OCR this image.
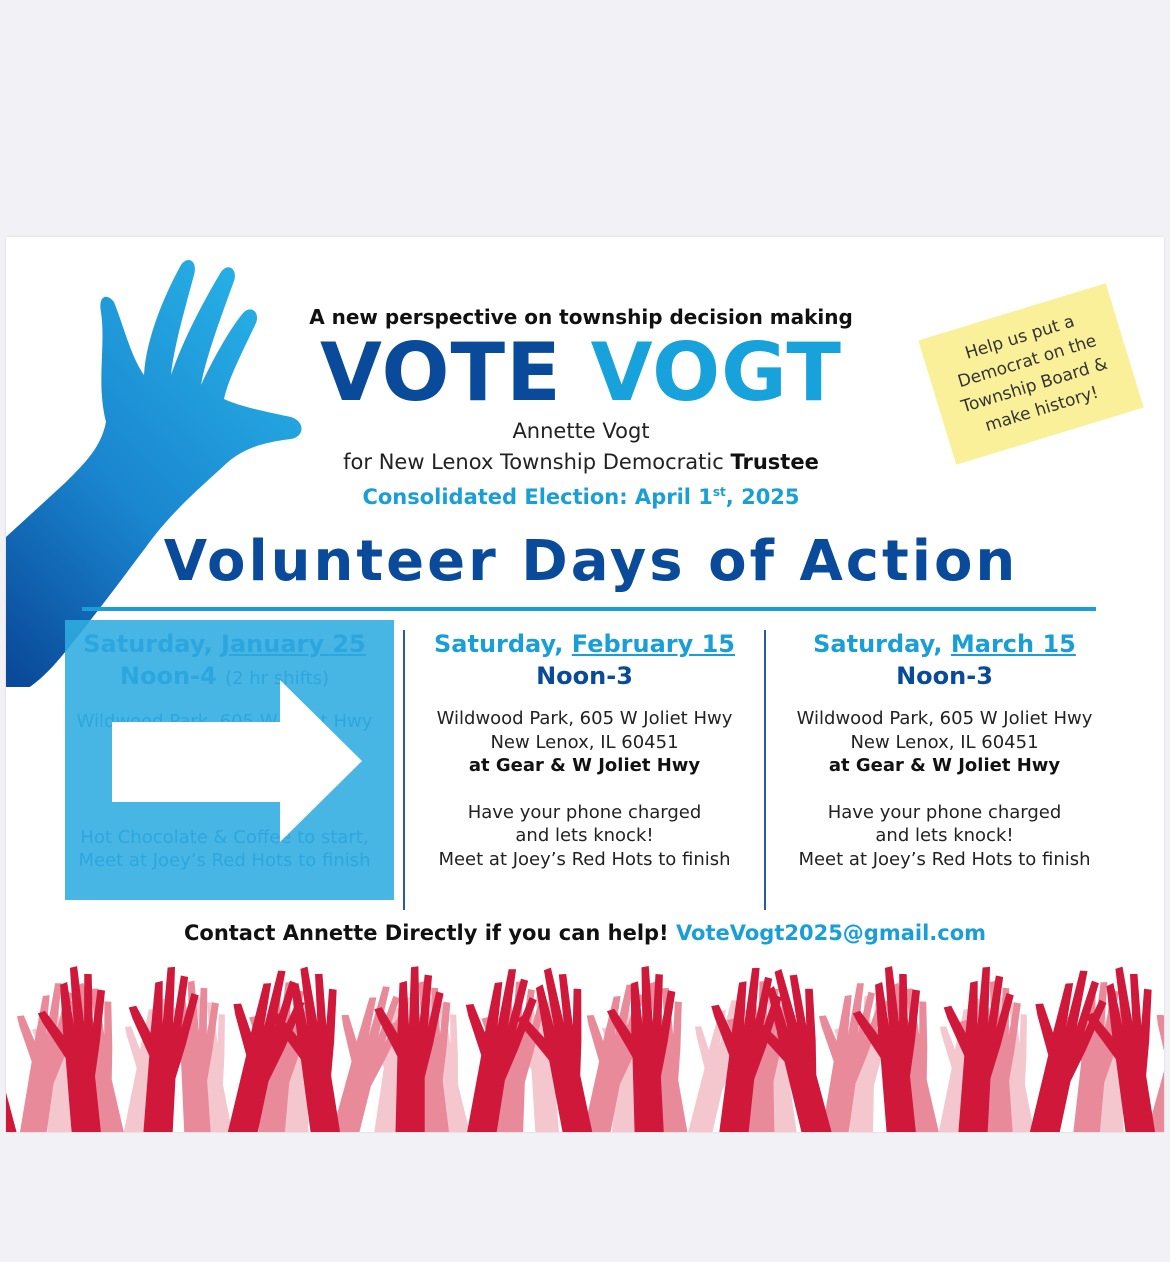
A new perspective on township decision making
VOTE VOGT
Annette Vogt
for New Lenox Township Democratic Trustee
Consolidated Election: April 1st, 2025
Help us put a Democrat on the Township Board & make history!
Volunteer Days of Action
Saturday, February 15
Noon-3
Wildwood Park, 605 W Joliet Hwy
New Lenox, IL 60451
at Gear & W Joliet Hwy
Have your phone charged
and lets knock!
Meet at Joey’s Red Hots to finish
Saturday, March 15
Noon-3
Wildwood Park, 605 W Joliet Hwy
New Lenox, IL 60451
at Gear & W Joliet Hwy
Have your phone charged
and lets knock!
Meet at Joey’s Red Hots to finish
Contact Annette Directly if you can help! VoteVogt2025@gmail.com
